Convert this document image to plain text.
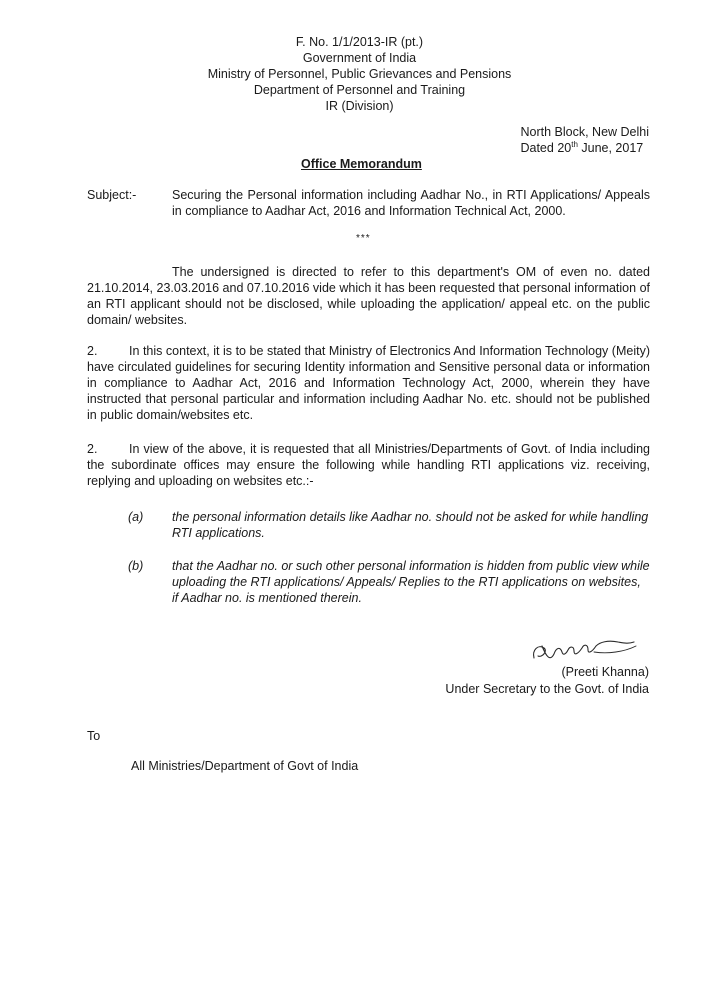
F. No. 1/1/2013-IR (pt.)
Government of India
Ministry of Personnel, Public Grievances and Pensions
Department of Personnel and Training
IR (Division)
North Block, New Delhi
Dated 20th June, 2017
Office Memorandum
Subject:-	Securing the Personal information including Aadhar No., in RTI Applications/ Appeals in compliance to Aadhar Act, 2016 and Information Technical Act, 2000.
***
The undersigned is directed to refer to this department's OM of even no. dated 21.10.2014, 23.03.2016 and 07.10.2016 vide which it has been requested that personal information of an RTI applicant should not be disclosed, while uploading the application/ appeal etc. on the public domain/ websites.
2.	In this context, it is to be stated that Ministry of Electronics And Information Technology (Meity) have circulated guidelines for securing Identity information and Sensitive personal data or information in compliance to Aadhar Act, 2016 and Information Technology Act, 2000, wherein they have instructed that personal particular and information including Aadhar No. etc. should not be published in public domain/websites etc.
2.	In view of the above, it is requested that all Ministries/Departments of Govt. of India including the subordinate offices may ensure the following while handling RTI applications viz. receiving, replying and uploading on websites etc.:-
(a) the personal information details like Aadhar no. should not be asked for while handling RTI applications.
(b) that the Aadhar no. or such other personal information is hidden from public view while uploading the RTI applications/ Appeals/ Replies to the RTI applications on websites, if Aadhar no. is mentioned therein.
(Preeti Khanna)
Under Secretary to the Govt. of India
To
All Ministries/Department of Govt of India
